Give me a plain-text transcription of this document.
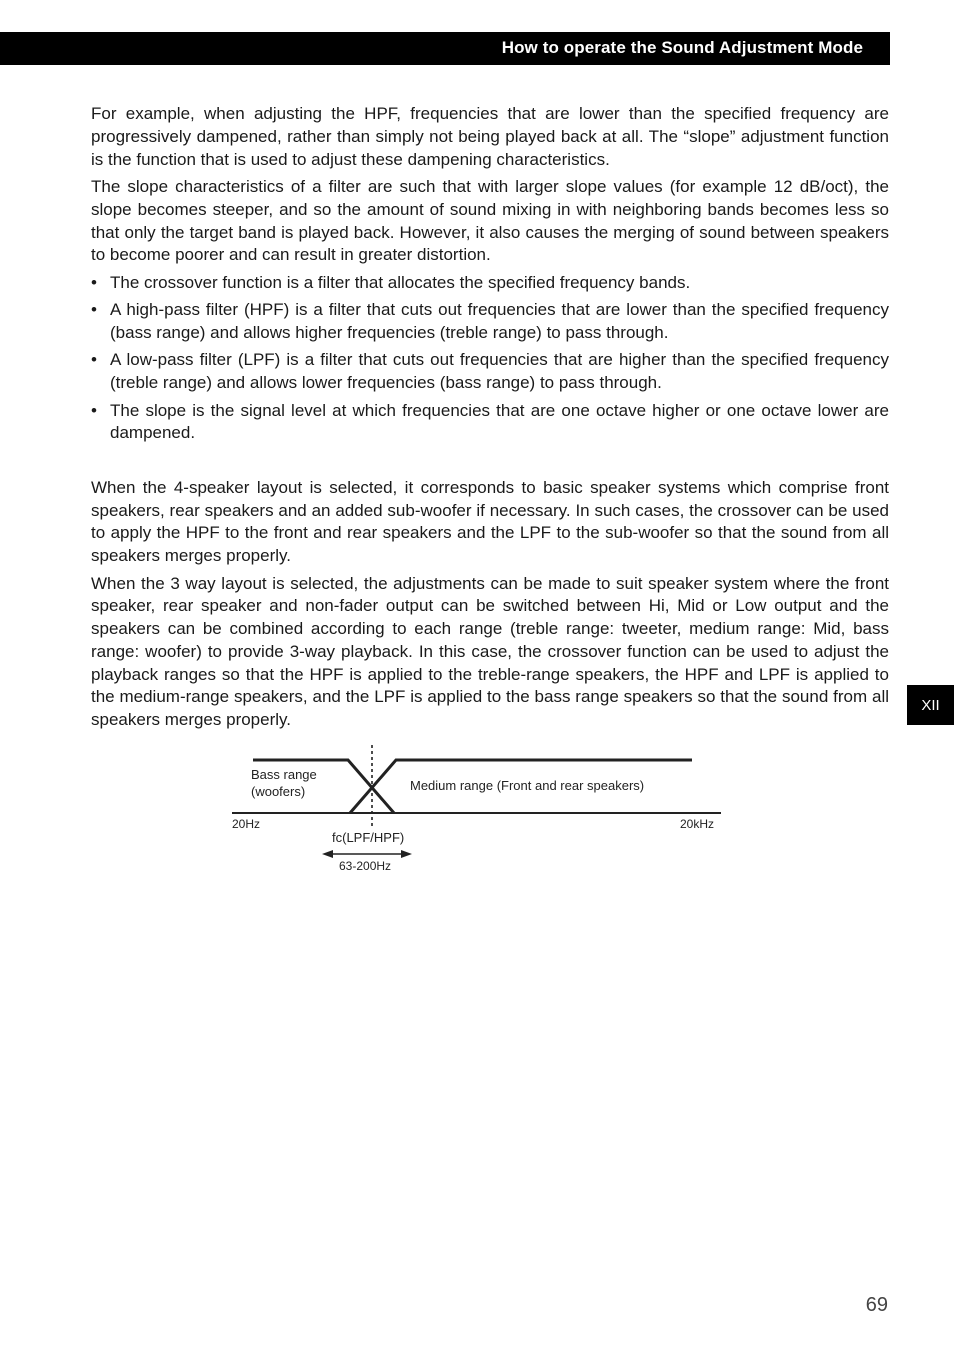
How to operate the Sound Adjustment Mode

For example, when adjusting the HPF, frequencies that are lower than the specified frequency are progressively dampened, rather than simply not being played back at all. The “slope” adjustment function is the function that is used to adjust these dampening characteristics.

The slope characteristics of a filter are such that with larger slope values (for example 12 dB/oct), the slope becomes steeper, and so the amount of sound mixing in with neighboring bands becomes less so that only the target band is played back. However, it also causes the merging of sound between speakers to become poorer and can result in greater distortion.

• The crossover function is a filter that allocates the specified frequency bands.
• A high-pass filter (HPF) is a filter that cuts out frequencies that are lower than the specified frequency (bass range) and allows higher frequencies (treble range) to pass through.
• A low-pass filter (LPF) is a filter that cuts out frequencies that are higher than the specified frequency (treble range) and allows lower frequencies (bass range) to pass through.
• The slope is the signal level at which frequencies that are one octave higher or one octave lower are dampened.

When the 4-speaker layout is selected, it corresponds to basic speaker systems which comprise front speakers, rear speakers and an added sub-woofer if necessary. In such cases, the crossover can be used to apply the HPF to the front and rear speakers and the LPF to the sub-woofer so that the sound from all speakers merges properly.

When the 3 way layout is selected, the adjustments can be made to suit speaker system where the front speaker, rear speaker and non-fader output can be switched between Hi, Mid or Low output and the speakers can be combined according to each range (treble range: tweeter, medium range: Mid, bass range: woofer) to provide 3-way playback. In this case, the crossover function can be used to adjust the playback ranges so that the HPF is applied to the treble-range speakers, the HPF and LPF is applied to the medium-range speakers, and the LPF is applied to the bass range speakers so that the sound from all speakers merges properly.

Bass range
(woofers)	Medium range (Front and rear speakers)
20Hz	20kHz
fc(LPF/HPF)
63-200Hz
XII
69
